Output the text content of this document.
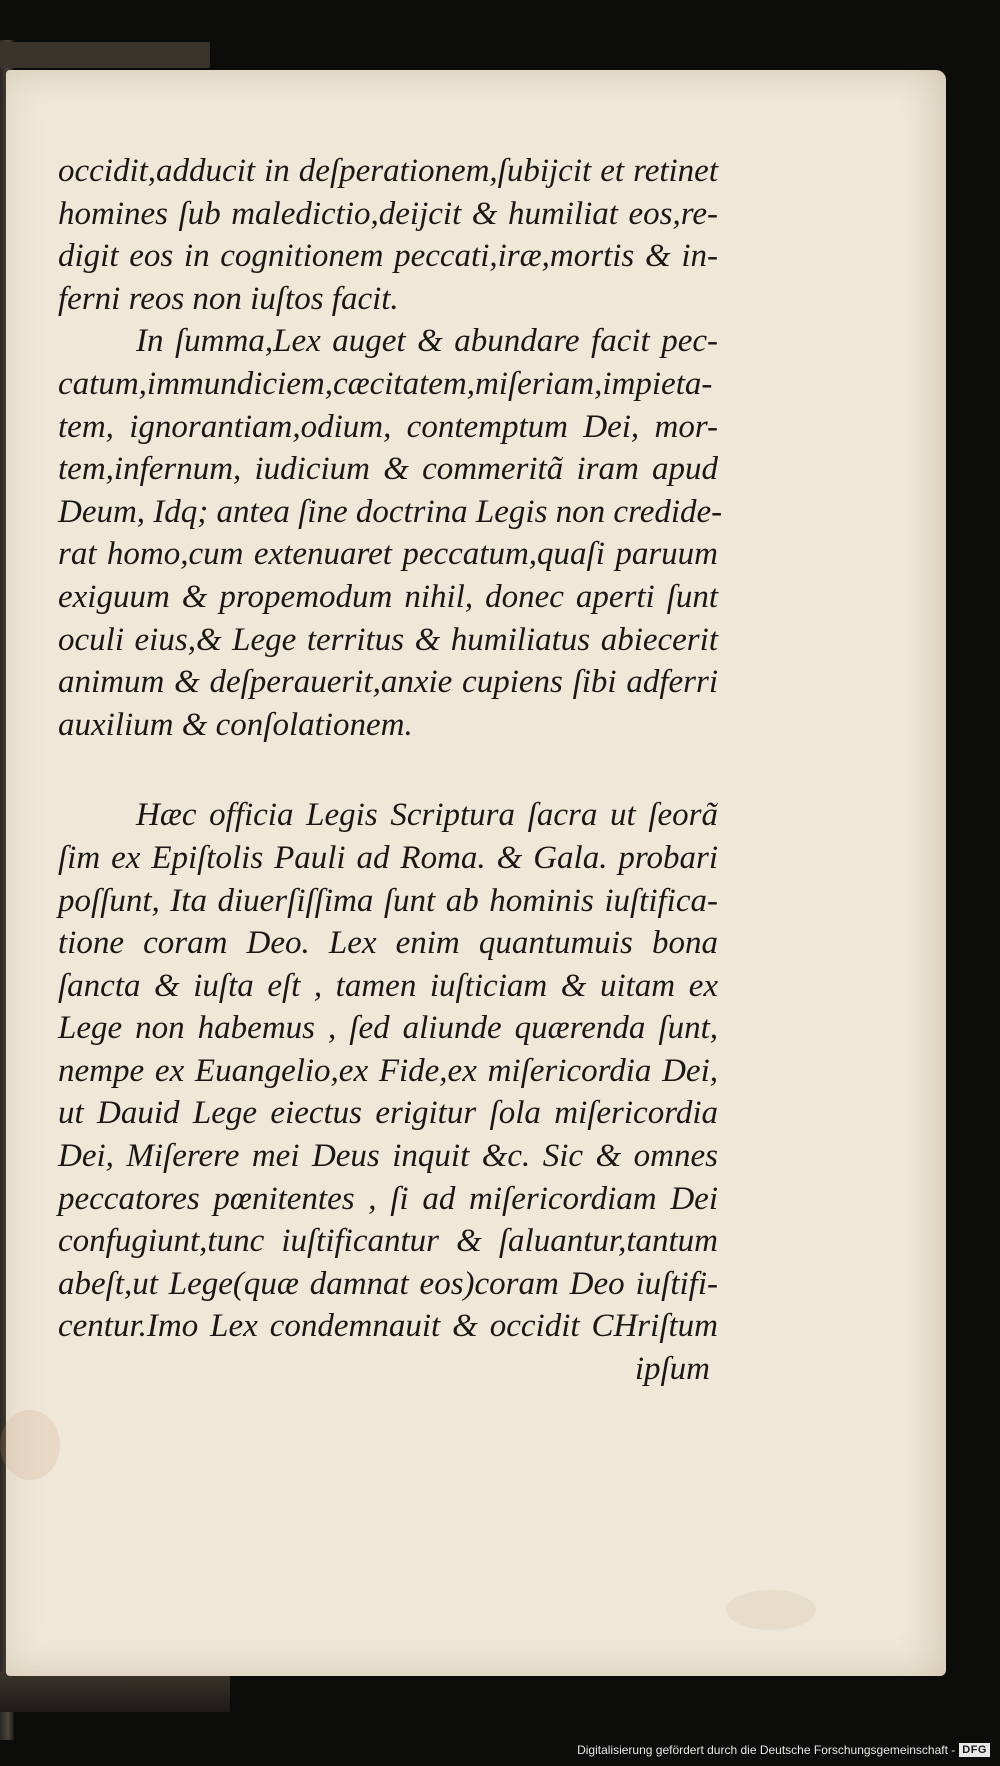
occidit,adducit in deſperationem,ſubijcit et retinet
homines ſub maledictio,deijcit & humiliat eos,re-
digit eos in cognitionem peccati,iræ,mortis & in-
ferni reos non iuſtos facit.
In ſumma,Lex auget & abundare facit pec-
catum,immundiciem,cæcitatem,miſeriam,impieta-
tem, ignorantiam,odium, contemptum Dei, mor-
tem,infernum, iudicium & commeritã iram apud
Deum, Idq; antea ſine doctrina Legis non credide-
rat homo,cum extenuaret peccatum,quaſi paruum
exiguum & propemodum nihil, donec aperti ſunt
oculi eius,& Lege territus & humiliatus abiecerit
animum & deſperauerit,anxie cupiens ſibi adferri
auxilium & conſolationem.
Hæc officia Legis Scriptura ſacra ut ſeorã
ſim ex Epiſtolis Pauli ad Roma. & Gala. probari
poſſunt, Ita diuerſiſſima ſunt ab hominis iuſtifica-
tione coram Deo. Lex enim quantumuis bona
ſancta & iuſta eſt , tamen iuſticiam & uitam ex
Lege non habemus , ſed aliunde quærenda ſunt,
nempe ex Euangelio,ex Fide,ex miſericordia Dei,
ut Dauid Lege eiectus erigitur ſola miſericordia
Dei, Miſerere mei Deus inquit &c. Sic & omnes
peccatores pœnitentes , ſi ad miſericordiam Dei
confugiunt,tunc iuſtificantur & ſaluantur,tantum
abeſt,ut Lege(quæ damnat eos)coram Deo iuſtifi-
centur.Imo Lex condemnauit & occidit CHriſtum
ipſum
Digitalisierung gefördert durch die Deutsche Forschungsgemeinschaft - DFG
